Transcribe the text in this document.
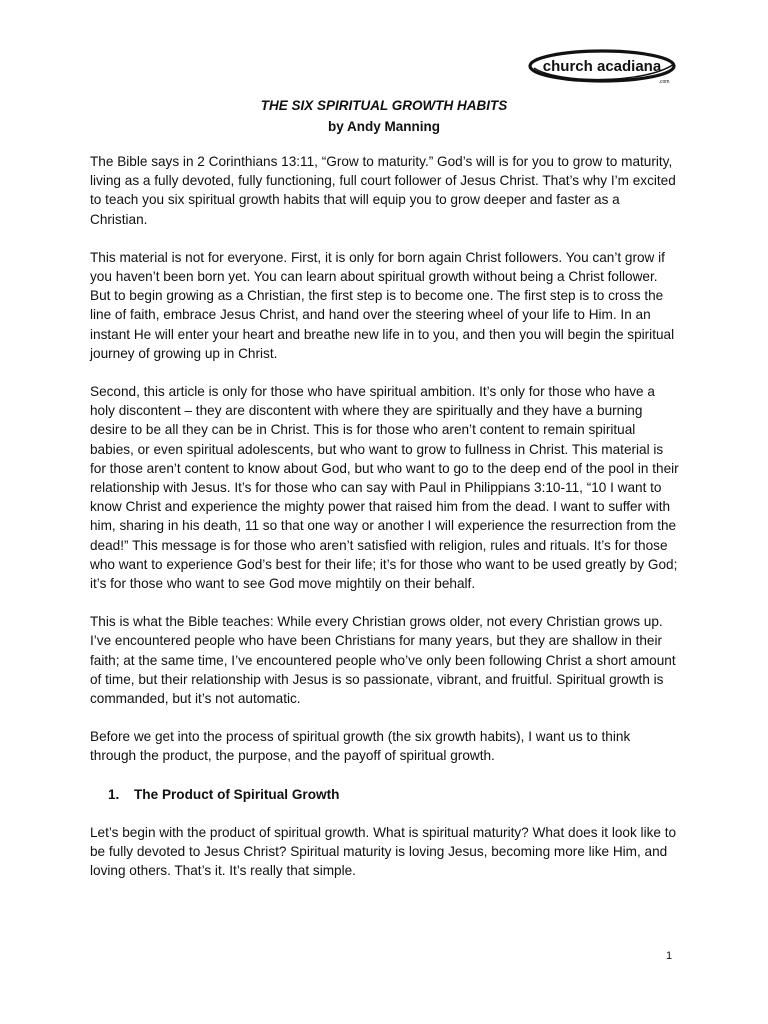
church acadiana
.com
THE SIX SPIRITUAL GROWTH HABITS
by Andy Manning

The Bible says in 2 Corinthians 13:11, “Grow to maturity.” God’s will is for you to grow to maturity, living as a fully devoted, fully functioning, full court follower of Jesus Christ. That’s why I’m excited to teach you six spiritual growth habits that will equip you to grow deeper and faster as a Christian.

This material is not for everyone. First, it is only for born again Christ followers. You can’t grow if you haven’t been born yet. You can learn about spiritual growth without being a Christ follower. But to begin growing as a Christian, the first step is to become one. The first step is to cross the line of faith, embrace Jesus Christ, and hand over the steering wheel of your life to Him. In an instant He will enter your heart and breathe new life in to you, and then you will begin the spiritual journey of growing up in Christ.

Second, this article is only for those who have spiritual ambition. It’s only for those who have a holy discontent – they are discontent with where they are spiritually and they have a burning desire to be all they can be in Christ. This is for those who aren’t content to remain spiritual babies, or even spiritual adolescents, but who want to grow to fullness in Christ. This material is for those aren’t content to know about God, but who want to go to the deep end of the pool in their relationship with Jesus. It’s for those who can say with Paul in Philippians 3:10-11, “10 I want to know Christ and experience the mighty power that raised him from the dead. I want to suffer with him, sharing in his death, 11 so that one way or another I will experience the resurrection from the dead!” This message is for those who aren’t satisfied with religion, rules and rituals. It’s for those who want to experience God’s best for their life; it’s for those who want to be used greatly by God; it’s for those who want to see God move mightily on their behalf.

This is what the Bible teaches: While every Christian grows older, not every Christian grows up. I’ve encountered people who have been Christians for many years, but they are shallow in their faith; at the same time, I’ve encountered people who’ve only been following Christ a short amount of time, but their relationship with Jesus is so passionate, vibrant, and fruitful. Spiritual growth is commanded, but it’s not automatic.

Before we get into the process of spiritual growth (the six growth habits), I want us to think through the product, the purpose, and the payoff of spiritual growth.

1. The Product of Spiritual Growth

Let’s begin with the product of spiritual growth. What is spiritual maturity? What does it look like to be fully devoted to Jesus Christ? Spiritual maturity is loving Jesus, becoming more like Him, and loving others. That’s it. It’s really that simple.

1
